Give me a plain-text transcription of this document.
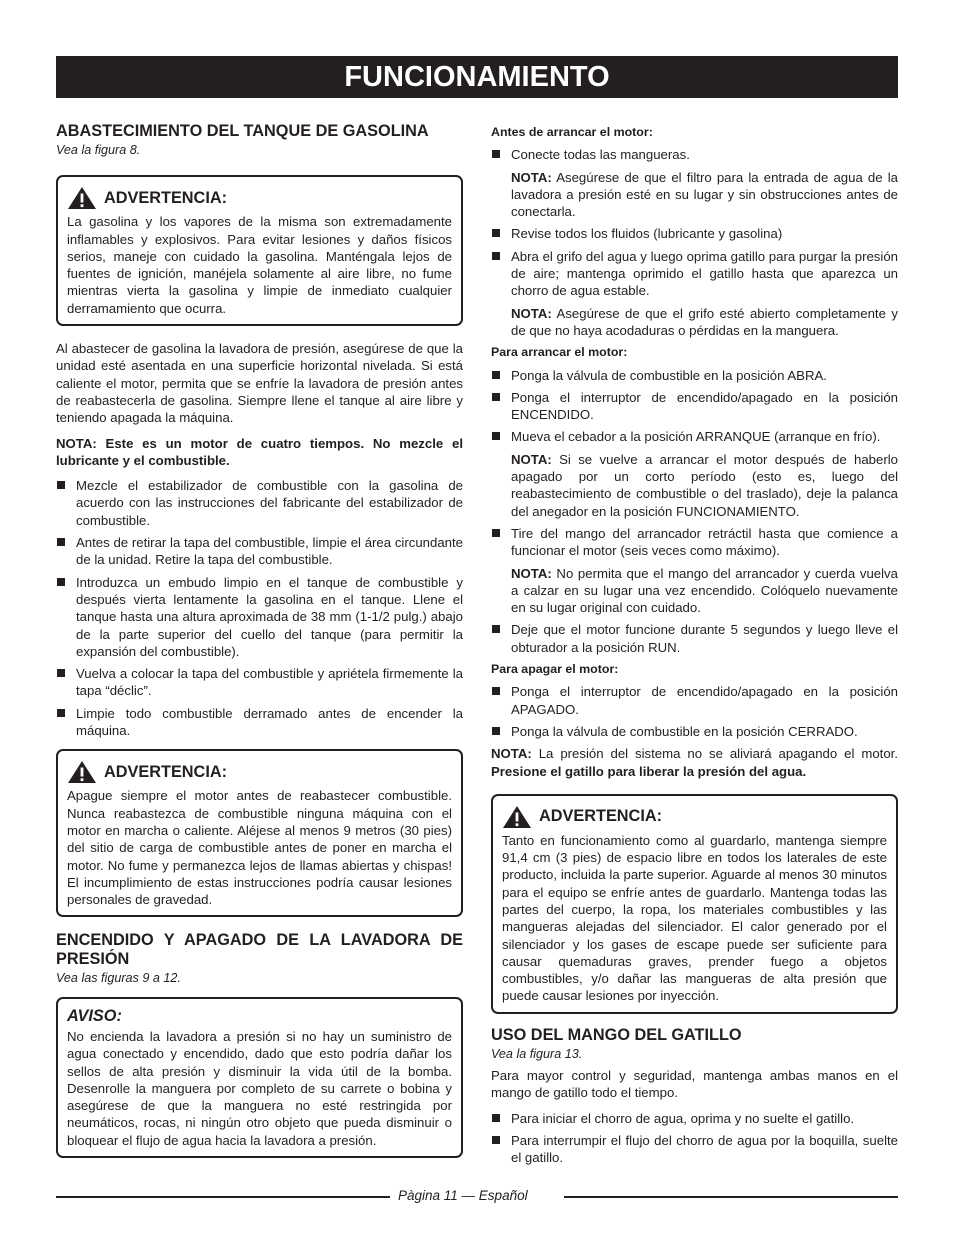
FUNCIONAMIENTO
ABASTECIMIENTO DEL TANQUE DE GASOLINA
Vea la figura 8.
ADVERTENCIA:

La gasolina y los vapores de la misma son extremadamente inflamables y explosivos. Para evitar lesiones y daños físicos serios, maneje con cuidado la gasolina. Manténgala lejos de fuentes de ignición, manéjela solamente al aire libre, no fume mientras vierta la gasolina y limpie de inmediato cualquier derramamiento que ocurra.

Al abastecer de gasolina la lavadora de presión, asegúrese de que la unidad esté asentada en una superficie horizontal nivelada. Si está caliente el motor, permita que se enfríe la lavadora de presión antes de reabastecerla de gasolina. Siempre llene el tanque al aire libre y teniendo apagada la máquina.

NOTA: Este es un motor de cuatro tiempos. No mezcle el lubricante y el combustible.

Mezcle el estabilizador de combustible con la gasolina de acuerdo con las instrucciones del fabricante del estabilizador de combustible.
Antes de retirar la tapa del combustible, limpie el área circundante de la unidad. Retire la tapa del combustible.
Introduzca un embudo limpio en el tanque de combustible y después vierta lentamente la gasolina en el tanque. Llene el tanque hasta una altura aproximada de 38 mm (1-1/2 pulg.) abajo de la parte superior del cuello del tanque (para permitir la expansión del combustible).
Vuelva a colocar la tapa del combustible y apriétela firmemente la tapa “déclic”.
Limpie todo combustible derramado antes de encender la máquina.
ADVERTENCIA:

Apague siempre el motor antes de reabastecer combustible. Nunca reabastezca de combustible ninguna máquina con el motor en marcha o caliente. Aléjese al menos 9 metros (30 pies) del sitio de carga de combustible antes de poner en marcha el motor. No fume y permanezca lejos de llamas abiertas y chispas! El incumplimiento de estas instrucciones podría causar lesiones personales de gravedad.

ENCENDIDO Y APAGADO DE LA LAVADORA DE PRESIÓN
Vea las figuras 9 a 12.
AVISO:

No encienda la lavadora a presión si no hay un suministro de agua conectado y encendido, dado que esto podría dañar los sellos de alta presión y disminuir la vida útil de la bomba. Desenrolle la manguera por completo de su carrete o bobina y asegúrese de que la manguera no esté restringida por neumáticos, rocas, ni ningún otro objeto que pueda disminuir o bloquear el flujo de agua hacia la lavadora a presión.

Antes de arrancar el motor:
Conecte todas las mangueras.
NOTA: Asegúrese de que el filtro para la entrada de agua de la lavadora a presión esté en su lugar y sin obstrucciones antes de conectarla.
Revise todos los fluidos (lubricante y gasolina)
Abra el grifo del agua y luego oprima gatillo para purgar la presión de aire; mantenga oprimido el gatillo hasta que aparezca un chorro de agua estable.
NOTA: Asegúrese de que el grifo esté abierto completamente y de que no haya acodaduras o pérdidas en la manguera.
Para arrancar el motor:
Ponga la válvula de combustible en la posición ABRA.
Ponga el interruptor de encendido/apagado en la posición ENCENDIDO.
Mueva el cebador a la posición ARRANQUE (arranque en frío).
NOTA: Si se vuelve a arrancar el motor después de haberlo apagado por un corto período (esto es, luego del reabastecimiento de combustible o del traslado), deje la palanca del anegador en la posición FUNCIONAMIENTO.
Tire del mango del arrancador retráctil hasta que comience a funcionar el motor (seis veces como máximo).
NOTA: No permita que el mango del arrancador y cuerda vuelva a calzar en su lugar una vez encendido. Colóquelo nuevamente en su lugar original con cuidado.
Deje que el motor funcione durante 5 segundos y luego lleve el obturador a la posición RUN.
Para apagar el motor:
Ponga el interruptor de encendido/apagado en la posición APAGADO.
Ponga la válvula de combustible en la posición CERRADO.

NOTA: La presión del sistema no se aliviará apagando el motor. Presione el gatillo para liberar la presión del agua.

ADVERTENCIA:

Tanto en funcionamiento como al guardarlo, mantenga siempre 91,4 cm (3 pies) de espacio libre en todos los laterales de este producto, incluida la parte superior. Aguarde al menos 30 minutos para el equipo se enfríe antes de guardarlo. Mantenga todas las partes del cuerpo, la ropa, los materiales combustibles y las mangueras alejadas del silenciador. El calor generado por el silenciador y los gases de escape puede ser suficiente para causar quemaduras graves, prender fuego a objetos combustibles, y/o dañar las mangueras de alta presión que puede causar lesiones por inyección.

USO DEL MANGO DEL GATILLO
Vea la figura 13.

Para mayor control y seguridad, mantenga ambas manos en el mango de gatillo todo el tiempo.

Para iniciar el chorro de agua, oprima y no suelte el gatillo.
Para interrumpir el flujo del chorro de agua por la boquilla, suelte el gatillo.
Pàgina 11 — Español
